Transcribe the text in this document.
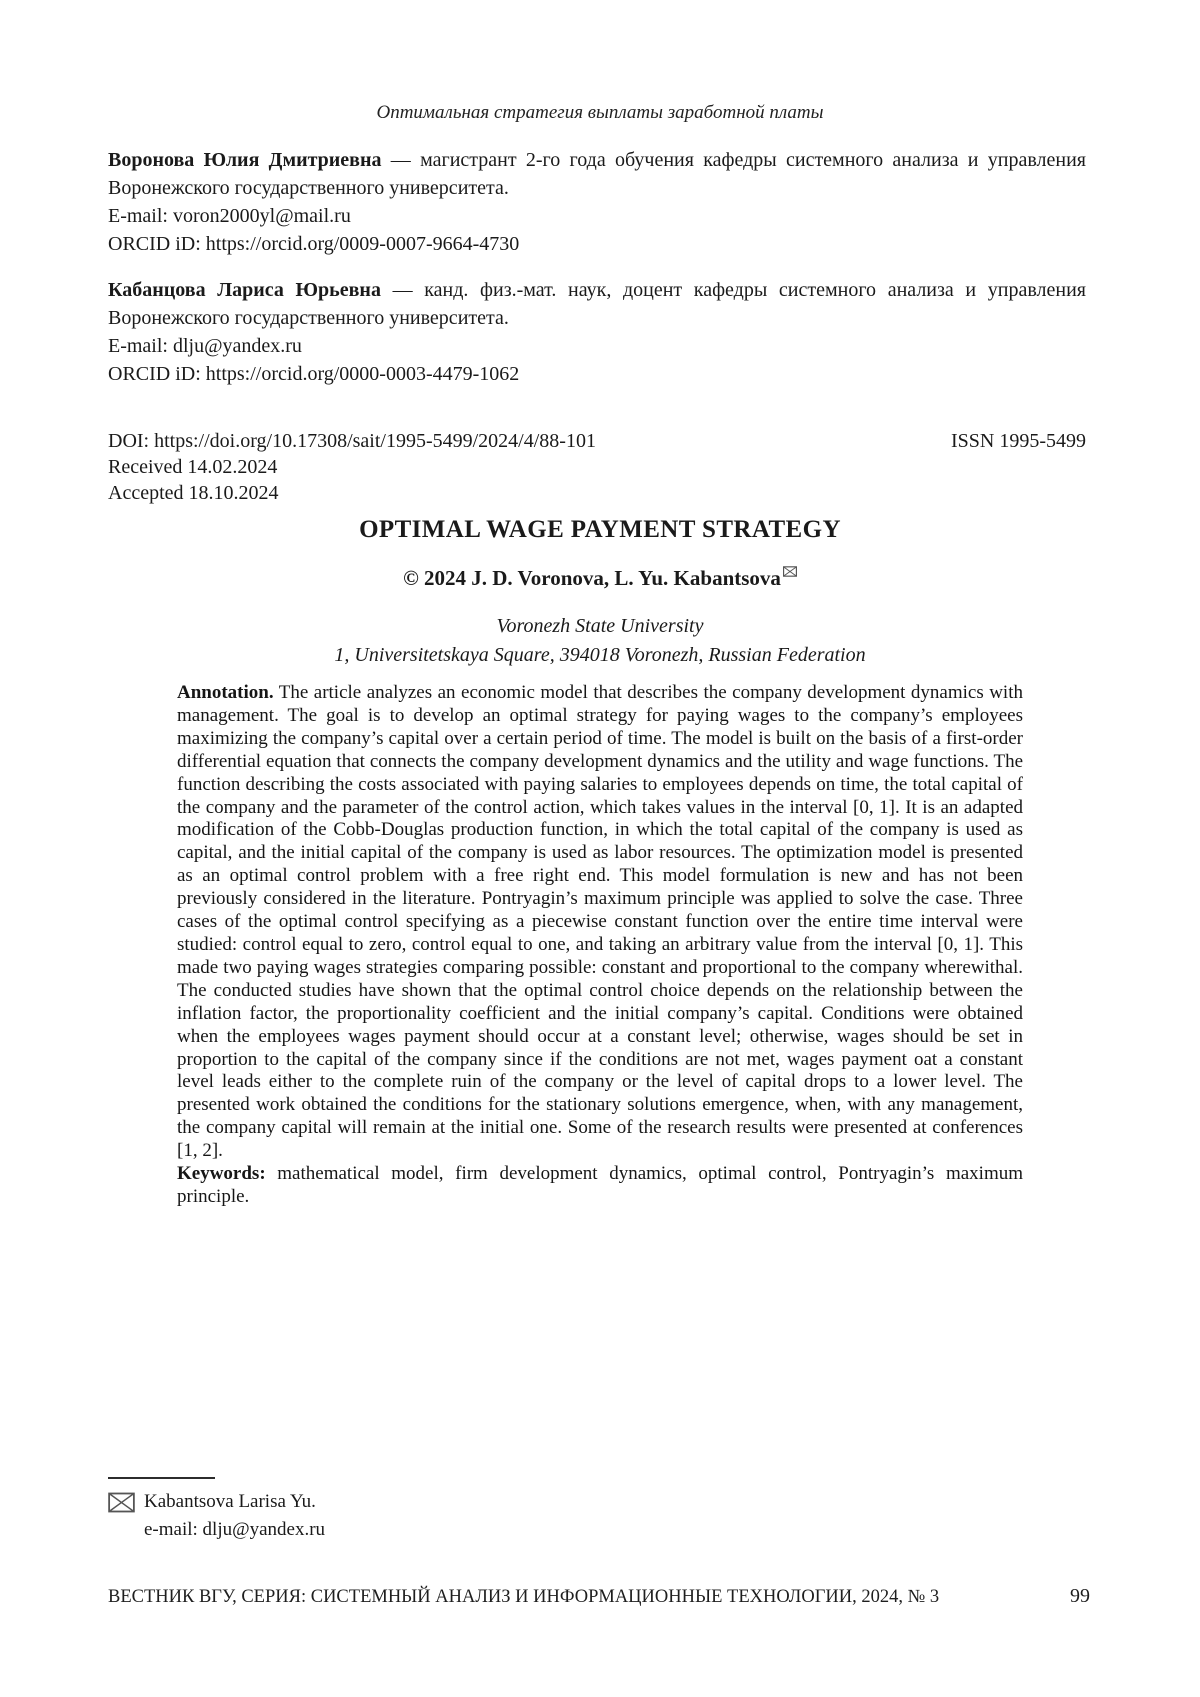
Оптимальная стратегия выплаты заработной платы

Воронова Юлия Дмитриевна — магистрант 2-го года обучения кафедры системного анализа и управления Воронежского государственного университета.

E-mail: voron2000yl@mail.ru
ORCID iD: https://orcid.org/0009-0007-9664-4730

Кабанцова Лариса Юрьевна — канд. физ.-мат. наук, доцент кафедры системного анализа и управления Воронежского государственного университета.

E-mail: dlju@yandex.ru
ORCID iD: https://orcid.org/0000-0003-4479-1062
DOI: https://doi.org/10.17308/sait/1995-5499/2024/4/88-101	ISSN 1995-5499
Received 14.02.2024
Accepted 18.10.2024
OPTIMAL WAGE PAYMENT STRATEGY
© 2024 J. D. Voronova, L. Yu. Kabantsova
Voronezh State University
1, Universitetskaya Square, 394018 Voronezh, Russian Federation

Annotation. The article analyzes an economic model that describes the company development dynamics with management. The goal is to develop an optimal strategy for paying wages to the company’s employees maximizing the company’s capital over a certain period of time. The model is built on the basis of a first-order differential equation that connects the company development dynamics and the utility and wage functions. The function describing the costs associated with paying salaries to employees depends on time, the total capital of the company and the parameter of the control action, which takes values in the interval [0, 1]. It is an adapted modification of the Cobb-Douglas production function, in which the total capital of the company is used as capital, and the initial capital of the company is used as labor resources. The optimization model is presented as an optimal control problem with a free right end. This model formulation is new and has not been previously considered in the literature. Pontryagin’s maximum principle was applied to solve the case. Three cases of the optimal control specifying as a piecewise constant function over the entire time interval were studied: control equal to zero, control equal to one, and taking an arbitrary value from the interval [0, 1]. This made two paying wages strategies comparing possible: constant and proportional to the company wherewithal. The conducted studies have shown that the optimal control choice depends on the relationship between the inflation factor, the proportionality coefficient and the initial company’s capital. Conditions were obtained when the employees wages payment should occur at a constant level; otherwise, wages should be set in proportion to the capital of the company since if the conditions are not met, wages payment oat a constant level leads either to the complete ruin of the company or the level of capital drops to a lower level. The presented work obtained the conditions for the stationary solutions emergence, when, with any management, the company capital will remain at the initial one. Some of the research results were presented at conferences [1, 2].

Keywords: mathematical model, firm development dynamics, optimal control, Pontryagin’s maximum principle.

Kabantsova Larisa Yu.
e-mail: dlju@yandex.ru
ВЕСТНИК ВГУ, СЕРИЯ: СИСТЕМНЫЙ АНАЛИЗ И ИНФОРМАЦИОННЫЕ ТЕХНОЛОГИИ, 2024, № 3	99
